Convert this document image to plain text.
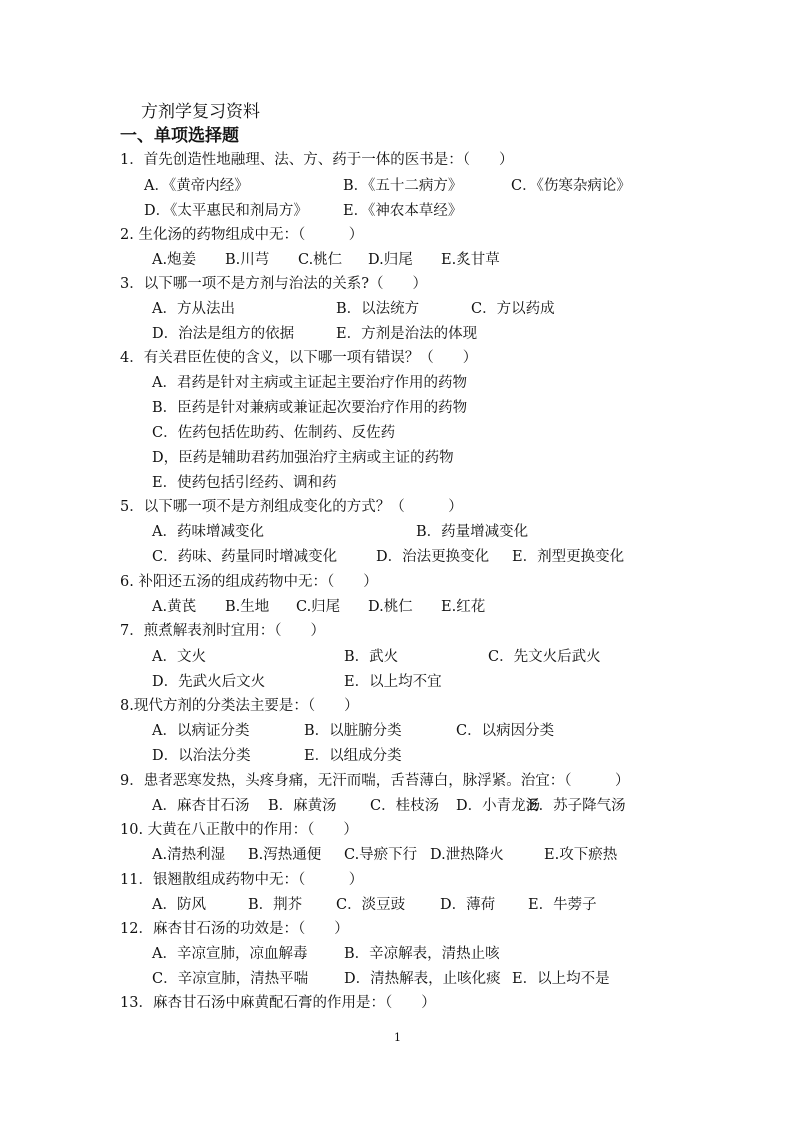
方剂学复习资料
一、单项选择题
1．首先创造性地融理、法、方、药于一体的医书是：（　　）
A．《黄帝内经》	B．《五十二病方》	C．《伤寒杂病论》
D．《太平惠民和剂局方》 E．《神农本草经》
2. 生化汤的药物组成中无：（　　　）
A.炮姜 B.川芎 C.桃仁 D.归尾 E.炙甘草
3．以下哪一项不是方剂与治法的关系?（　　）
A．方从法出	B．以法统方	C．方以药成
D．治法是组方的依据	E．方剂是治法的体现
4．有关君臣佐使的含义，以下哪一项有错误？（　　）
A．君药是针对主病或主证起主要治疗作用的药物
B．臣药是针对兼病或兼证起次要治疗作用的药物
C．佐药包括佐助药、佐制药、反佐药
D，臣药是辅助君药加强治疗主病或主证的药物
E．使药包括引经药、调和药
5．以下哪一项不是方剂组成变化的方式？（　　　）
A．药味增减变化	B．药量增减变化
C．药味、药量同时增减变化	D．治法更换变化 E．剂型更换变化
6. 补阳还五汤的组成药物中无：（　　）
A.黄芪 B.生地 C.归尾 D.桃仁 E.红花
7．煎煮解表剂时宜用：（　　）
A．文火	B．武火	C．先文火后武火
D．先武火后文火	E．以上均不宜
8.现代方剂的分类法主要是：（　　）
A．以病证分类	B．以脏腑分类	C．以病因分类
D．以治法分类	E．以组成分类
9．患者恶寒发热，头疼身痛，无汗而喘，舌苔薄白，脉浮紧。治宜：（　　　）
A．麻杏甘石汤 B．麻黄汤 C．桂枝汤 D．小青龙汤
E．苏子降气汤
10. 大黄在八正散中的作用：（　　）
A.清热利湿 B.泻热通便 C.导瘀下行 D.泄热降火	E.攻下瘀热
11．银翘散组成药物中无：（　　　）
A．防风	B．荆芥 C．淡豆豉 D．薄荷 E．牛蒡子
12．麻杏甘石汤的功效是：（　　）
A．辛凉宣肺，凉血解毒	B．辛凉解表，清热止咳
C．辛凉宣肺，清热平喘 D．清热解表，止咳化痰 E．以上均不是
13．麻杏甘石汤中麻黄配石膏的作用是：（　　）
1
